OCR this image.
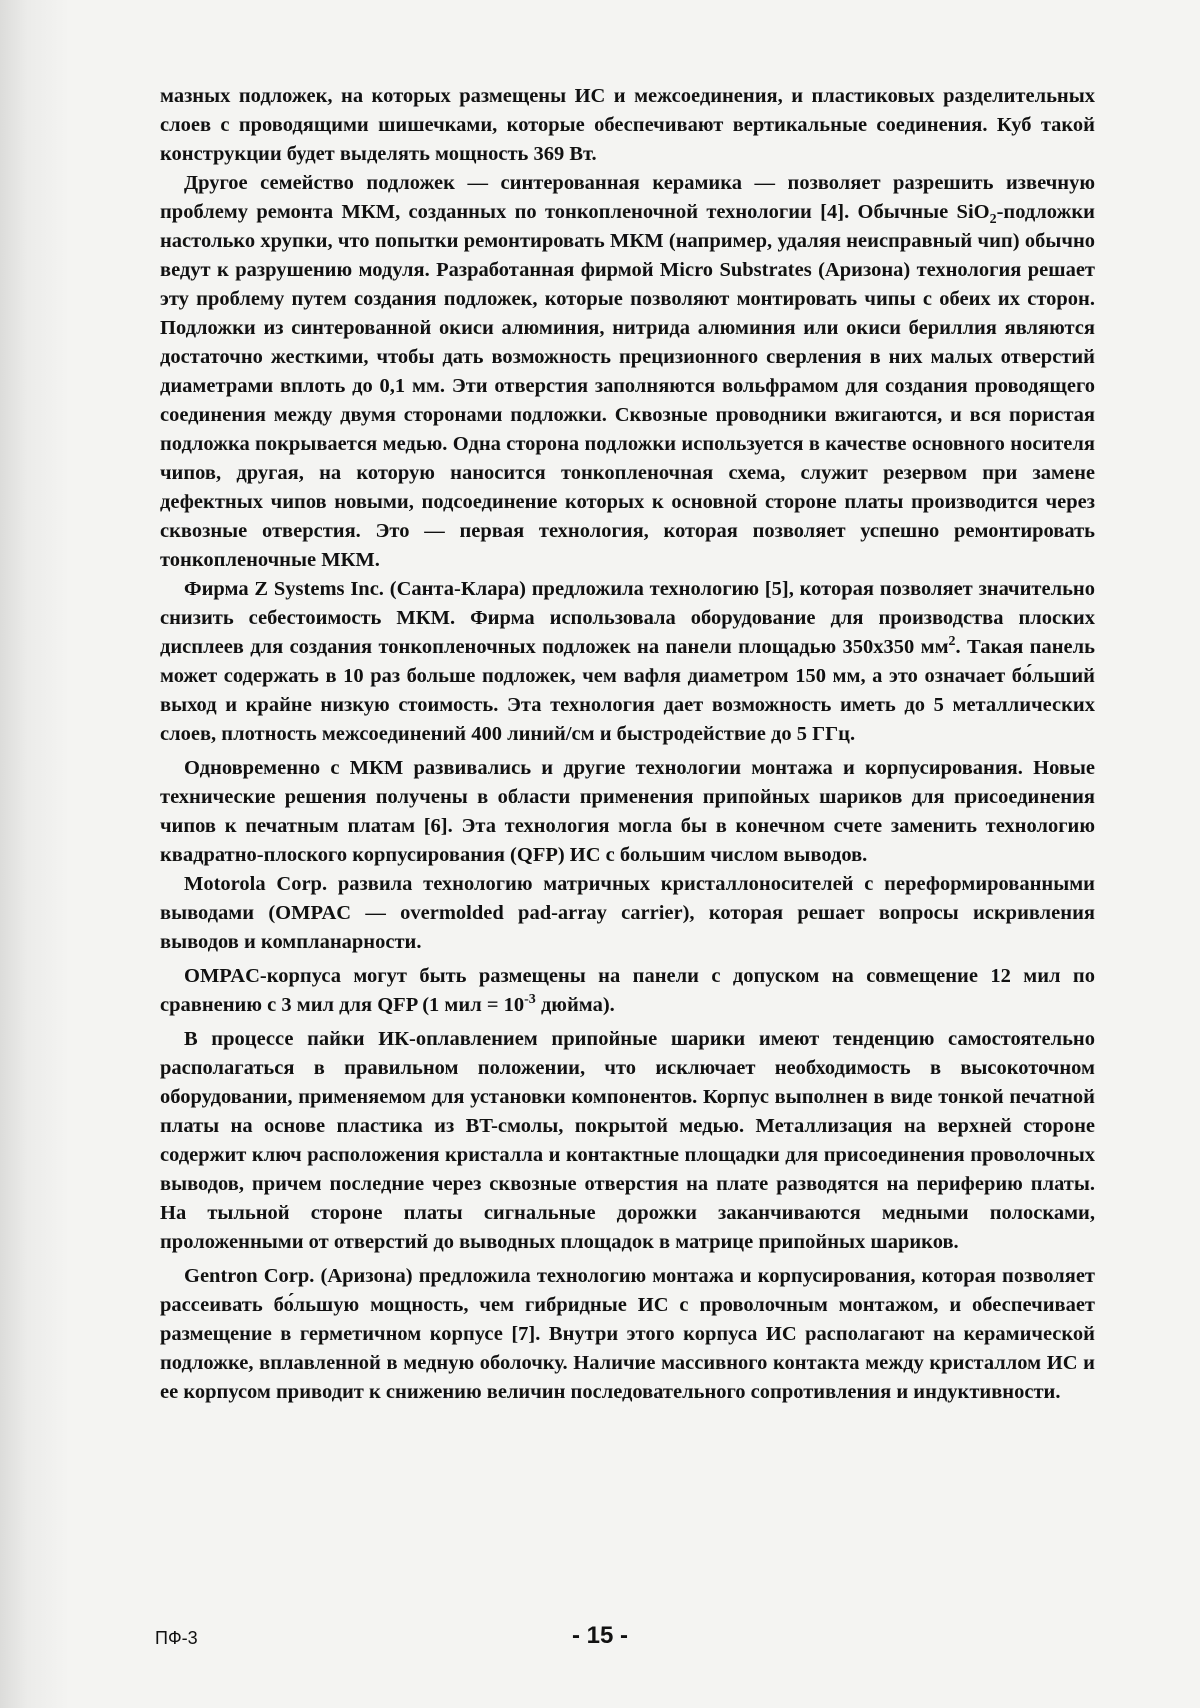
мазных подложек, на которых размещены ИС и межсоединения, и пластиковых разделительных слоев с проводящими шишечками, которые обеспечивают вертикальные соединения. Куб такой конструкции будет выделять мощность 369 Вт.

Другое семейство подложек — синтерованная керамика — позволяет разрешить извечную проблему ремонта МКМ, созданных по тонкопленочной технологии [4]. Обычные SiO$_2$-подложки настолько хрупки, что попытки ремонтировать МКМ (например, удаляя неисправный чип) обычно ведут к разрушению модуля. Разработанная фирмой Micro Substrates (Аризона) технология решает эту проблему путем создания подложек, которые позволяют монтировать чипы с обеих их сторон. Подложки из синтерованной окиси алюминия, нитрида алюминия или окиси бериллия являются достаточно жесткими, чтобы дать возможность прецизионного сверления в них малых отверстий диаметрами вплоть до 0,1 мм. Эти отверстия заполняются вольфрамом для создания проводящего соединения между двумя сторонами подложки. Сквозные проводники вжигаются, и вся пористая подложка покрывается медью. Одна сторона подложки используется в качестве основного носителя чипов, другая, на которую наносится тонкопленочная схема, служит резервом при замене дефектных чипов новыми, подсоединение которых к основной стороне платы производится через сквозные отверстия. Это — первая технология, которая позволяет успешно ремонтировать тонкопленочные МКМ.

Фирма Z Systems Inc. (Санта-Клара) предложила технологию [5], которая позволяет значительно снизить себестоимость МКМ. Фирма использовала оборудование для производства плоских дисплеев для создания тонкопленочных подложек на панели площадью 350x350 $мм^2$. Такая панель может содержать в 10 раз больше подложек, чем вафля диаметром 150 мм, а это означает бо́льший выход и крайне низкую стоимость. Эта технология дает возможность иметь до 5 металлических слоев, плотность межсоединений 400 линий/см и быстродействие до 5 ГГц.

Одновременно с МКМ развивались и другие технологии монтажа и корпусирования. Новые технические решения получены в области применения припойных шариков для присоединения чипов к печатным платам [6]. Эта технология могла бы в конечном счете заменить технологию квадратно-плоского корпусирования (QFP) ИС с большим числом выводов.

Motorola Corp. развила технологию матричных кристаллоносителей с переформированными выводами (OMPAC — overmolded pad-array carrier), которая решает вопросы искривления выводов и компланарности.

OMPAC-корпуса могут быть размещены на панели с допуском на совмещение 12 мил по сравнению с 3 мил для QFP (1 мил = $10^{-3}$ дюйма).

В процессе пайки ИК-оплавлением припойные шарики имеют тенденцию самостоятельно располагаться в правильном положении, что исключает необходимость в высокоточном оборудовании, применяемом для установки компонентов. Корпус выполнен в виде тонкой печатной платы на основе пластика из BT-смолы, покрытой медью. Металлизация на верхней стороне содержит ключ расположения кристалла и контактные площадки для присоединения проволочных выводов, причем последние через сквозные отверстия на плате разводятся на периферию платы. На тыльной стороне платы сигнальные дорожки заканчиваются медными полосками, проложенными от отверстий до выводных площадок в матрице припойных шариков.

Gentron Corp. (Аризона) предложила технологию монтажа и корпусирования, которая позволяет рассеивать бо́льшую мощность, чем гибридные ИС с проволочным монтажом, и обеспечивает размещение в герметичном корпусе [7]. Внутри этого корпуса ИС располагают на керамической подложке, вплавленной в медную оболочку. Наличие массивного контакта между кристаллом ИС и ее корпусом приводит к снижению величин последовательного сопротивления и индуктивности.

ПФ-3	- 15 -
